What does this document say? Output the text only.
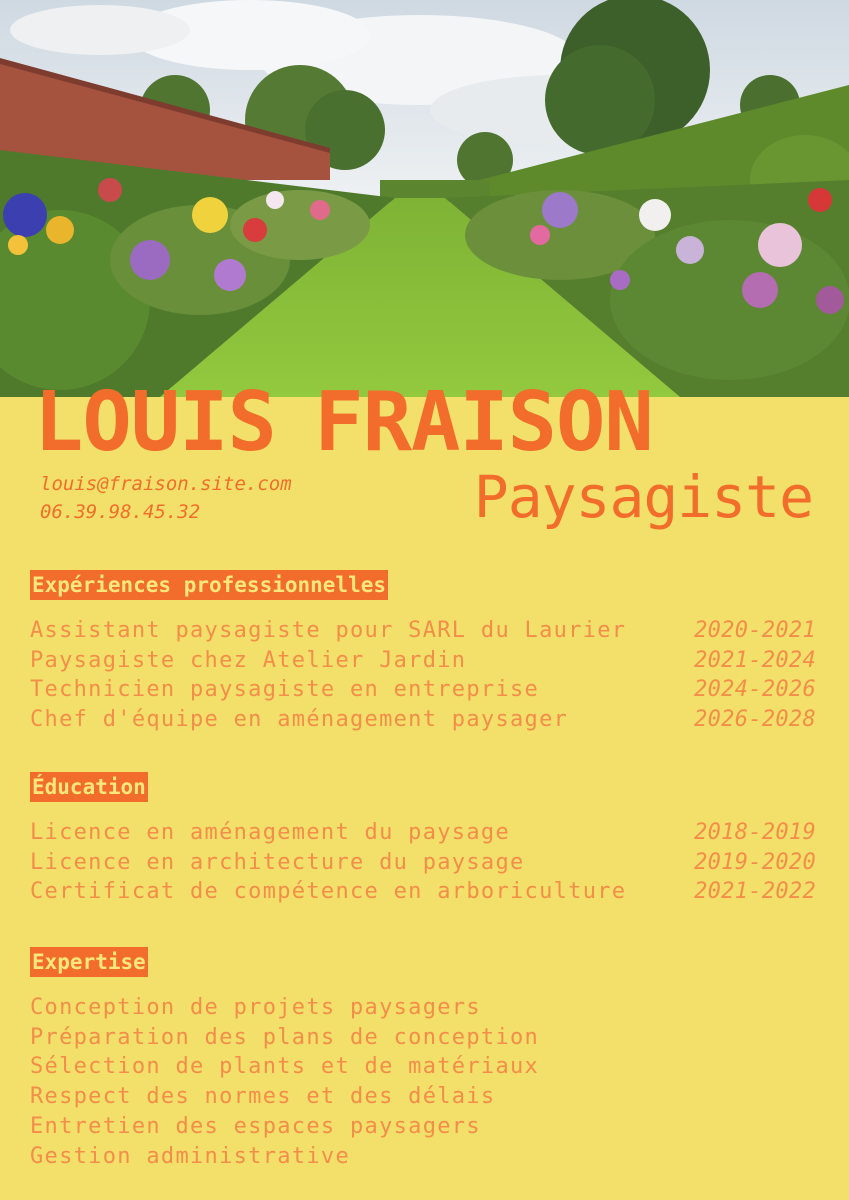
LOUIS FRAISON
louis@fraison.site.com
06.39.98.45.32	Paysagiste
Expériences professionnelles
Assistant paysagiste pour SARL du Laurier	2020-2021
Paysagiste chez Atelier Jardin	2021-2024
Technicien paysagiste en entreprise	2024-2026
Chef d'équipe en aménagement paysager	2026-2028
Éducation
Licence en aménagement du paysage	2018-2019
Licence en architecture du paysage	2019-2020
Certificat de compétence en arboriculture	2021-2022
Expertise
Conception de projets paysagers
Préparation des plans de conception
Sélection de plants et de matériaux
Respect des normes et des délais
Entretien des espaces paysagers
Gestion administrative
